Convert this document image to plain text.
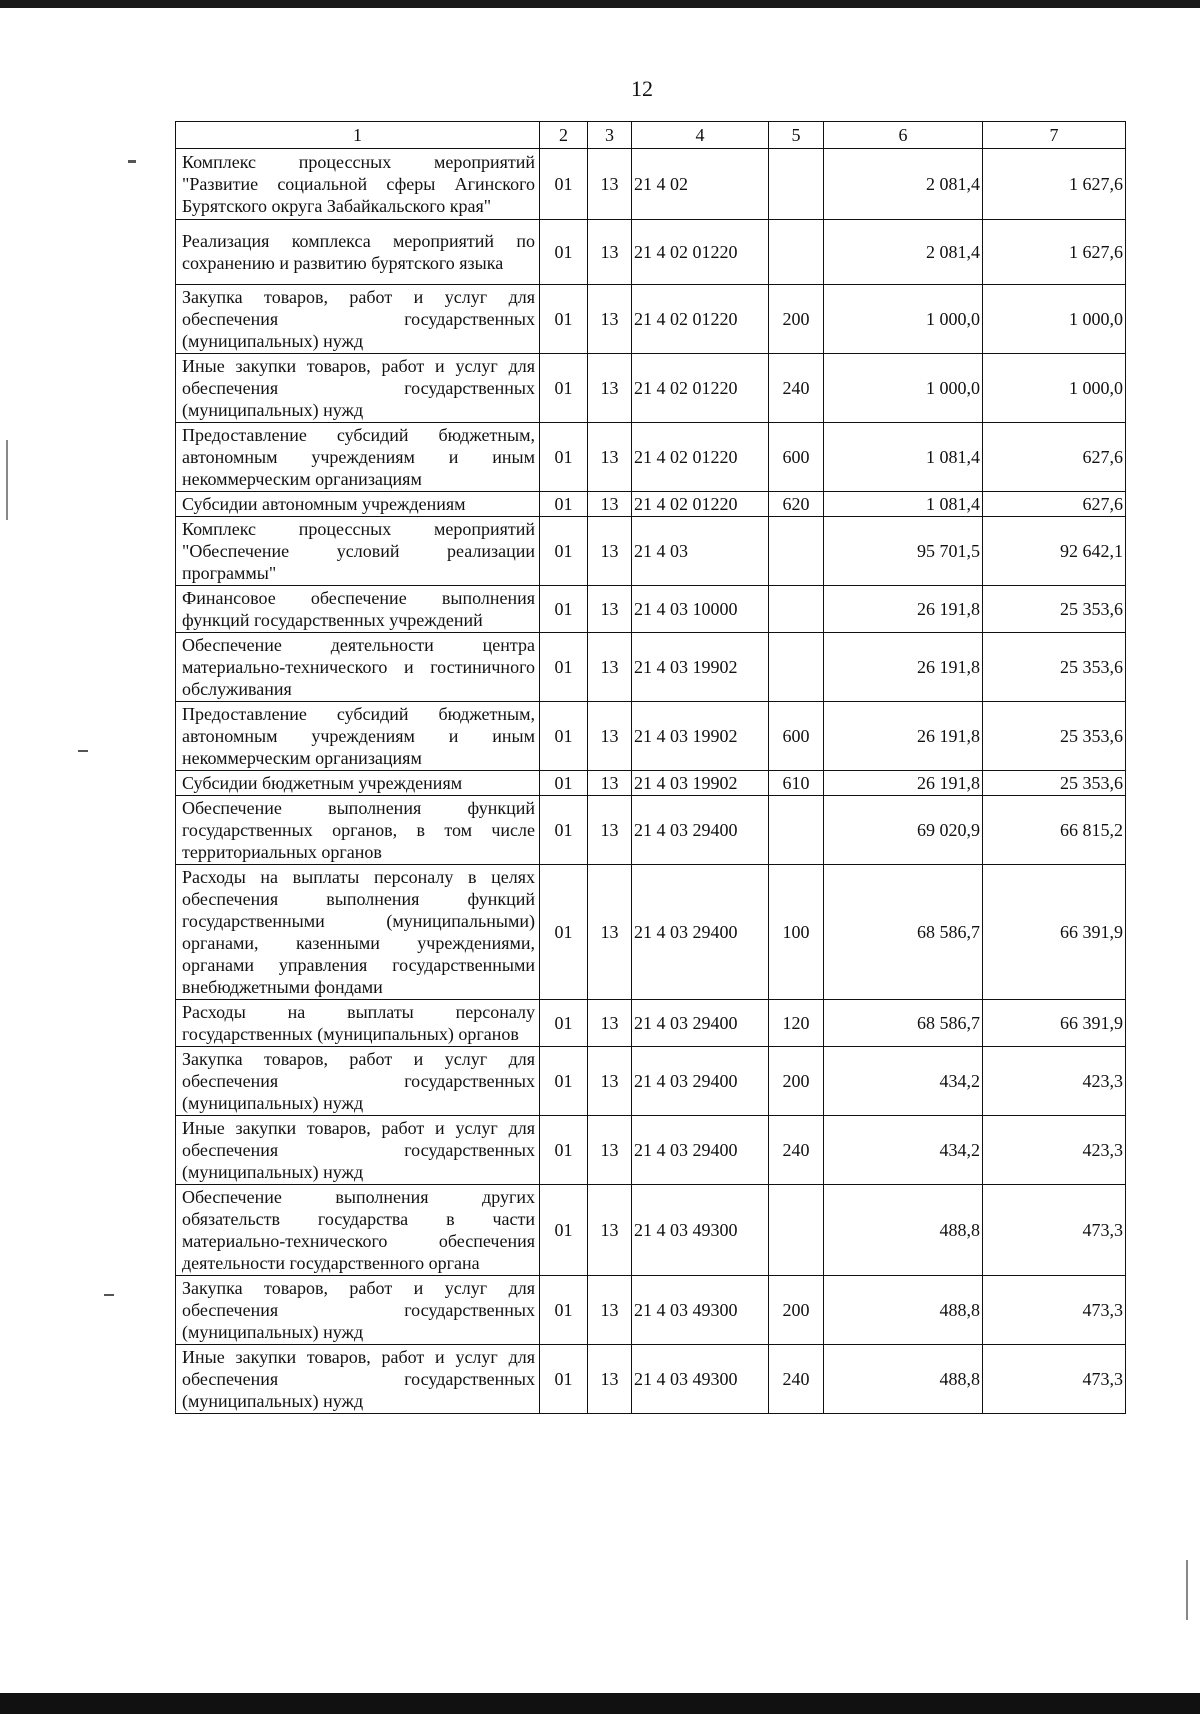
12
1	2	3	4	5	6	7
Комплекс процессных мероприятий "Развитие социальной сферы Агинского Бурятского округа Забайкальского края"	01	13	21 4 02		2 081,4	1 627,6
Реализация комплекса мероприятий по сохранению и развитию бурятского языка	01	13	21 4 02 01220		2 081,4	1 627,6
Закупка товаров, работ и услуг для обеспечения государственных (муниципальных) нужд	01	13	21 4 02 01220	200	1 000,0	1 000,0
Иные закупки товаров, работ и услуг для обеспечения государственных (муниципальных) нужд	01	13	21 4 02 01220	240	1 000,0	1 000,0
Предоставление субсидий бюджетным, автономным учреждениям и иным некоммерческим организациям	01	13	21 4 02 01220	600	1 081,4	627,6
Субсидии автономным учреждениям	01	13	21 4 02 01220	620	1 081,4	627,6
Комплекс процессных мероприятий "Обеспечение условий реализации программы"	01	13	21 4 03		95 701,5	92 642,1
Финансовое обеспечение выполнения функций государственных учреждений	01	13	21 4 03 10000		26 191,8	25 353,6
Обеспечение деятельности центра материально-технического и гостиничного обслуживания	01	13	21 4 03 19902		26 191,8	25 353,6
Предоставление субсидий бюджетным, автономным учреждениям и иным некоммерческим организациям	01	13	21 4 03 19902	600	26 191,8	25 353,6
Субсидии бюджетным учреждениям	01	13	21 4 03 19902	610	26 191,8	25 353,6
Обеспечение выполнения функций государственных органов, в том числе территориальных органов	01	13	21 4 03 29400		69 020,9	66 815,2
Расходы на выплаты персоналу в целях обеспечения выполнения функций государственными (муниципальными) органами, казенными учреждениями, органами управления государственными внебюджетными фондами	01	13	21 4 03 29400	100	68 586,7	66 391,9
Расходы на выплаты персоналу государственных (муниципальных) органов	01	13	21 4 03 29400	120	68 586,7	66 391,9
Закупка товаров, работ и услуг для обеспечения государственных (муниципальных) нужд	01	13	21 4 03 29400	200	434,2	423,3
Иные закупки товаров, работ и услуг для обеспечения государственных (муниципальных) нужд	01	13	21 4 03 29400	240	434,2	423,3
Обеспечение выполнения других обязательств государства в части материально-технического обеспечения деятельности государственного органа	01	13	21 4 03 49300		488,8	473,3
Закупка товаров, работ и услуг для обеспечения государственных (муниципальных) нужд	01	13	21 4 03 49300	200	488,8	473,3
Иные закупки товаров, работ и услуг для обеспечения государственных (муниципальных) нужд	01	13	21 4 03 49300	240	488,8	473,3
